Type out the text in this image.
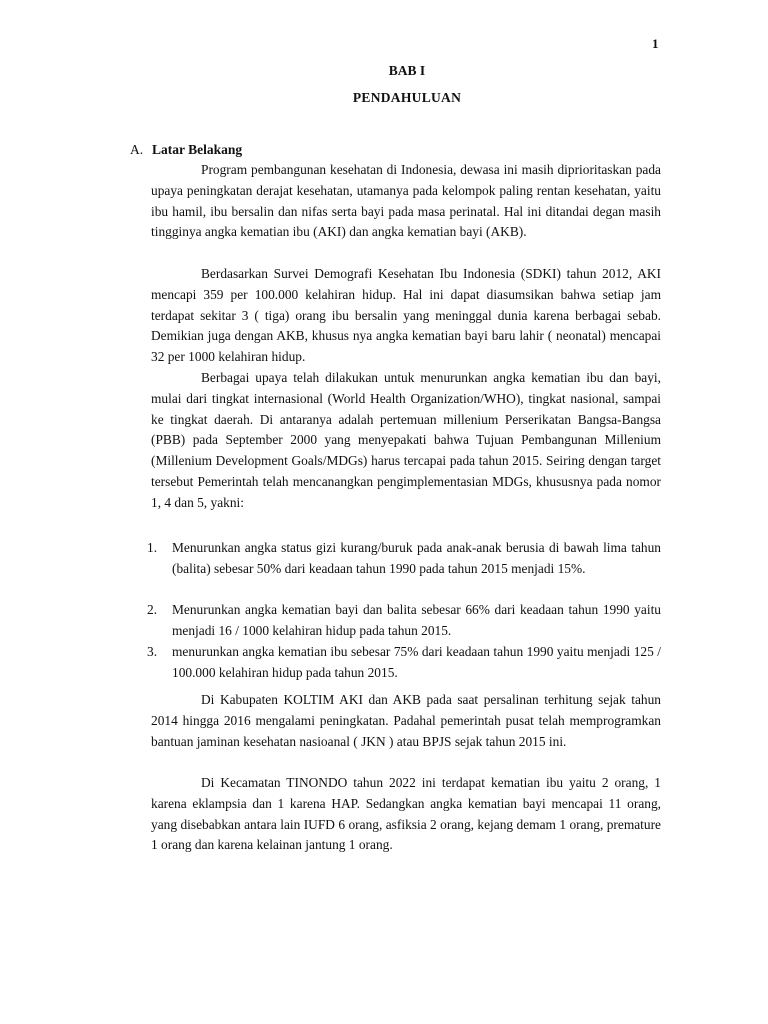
1
BAB I
PENDAHULUAN
A. Latar Belakang

Program pembangunan kesehatan di Indonesia, dewasa ini masih diprioritaskan pada upaya peningkatan derajat kesehatan, utamanya pada kelompok paling rentan kesehatan, yaitu ibu hamil, ibu bersalin dan nifas serta bayi pada masa perinatal. Hal ini ditandai degan masih tingginya angka kematian ibu (AKI) dan angka kematian bayi (AKB).

Berdasarkan Survei Demografi Kesehatan Ibu Indonesia (SDKI) tahun 2012, AKI mencapi 359 per 100.000 kelahiran hidup. Hal ini dapat diasumsikan bahwa setiap jam terdapat sekitar 3 ( tiga) orang ibu bersalin yang meninggal dunia karena berbagai sebab. Demikian juga dengan AKB, khusus nya angka kematian bayi baru lahir ( neonatal) mencapai 32 per 1000 kelahiran hidup.

Berbagai upaya telah dilakukan untuk menurunkan angka kematian ibu dan bayi, mulai dari tingkat internasional (World Health Organization/WHO), tingkat nasional, sampai ke tingkat daerah. Di antaranya adalah pertemuan millenium Perserikatan Bangsa-Bangsa (PBB) pada September 2000 yang menyepakati bahwa Tujuan Pembangunan Millenium (Millenium Development Goals/MDGs) harus tercapai pada tahun 2015. Seiring dengan target tersebut Pemerintah telah mencanangkan pengimplementasian MDGs, khususnya pada nomor 1, 4 dan 5, yakni:

1. Menurunkan angka status gizi kurang/buruk pada anak-anak berusia di bawah lima tahun (balita) sebesar 50% dari keadaan tahun 1990 pada tahun 2015 menjadi 15%.
2. Menurunkan angka kematian bayi dan balita sebesar 66% dari keadaan tahun 1990 yaitu menjadi 16 / 1000 kelahiran hidup pada tahun 2015.
3. menurunkan angka kematian ibu sebesar 75% dari keadaan tahun 1990 yaitu menjadi 125 / 100.000 kelahiran hidup pada tahun 2015.

Di Kabupaten KOLTIM AKI dan AKB pada saat persalinan terhitung sejak tahun 2014 hingga 2016 mengalami peningkatan. Padahal pemerintah pusat telah memprogramkan bantuan jaminan kesehatan nasioanal ( JKN ) atau BPJS sejak tahun 2015 ini.

Di Kecamatan TINONDO tahun 2022 ini terdapat kematian ibu yaitu 2 orang, 1 karena eklampsia dan 1 karena HAP. Sedangkan angka kematian bayi mencapai 11 orang, yang disebabkan antara lain IUFD 6 orang, asfiksia 2 orang, kejang demam 1 orang, premature 1 orang dan karena kelainan jantung 1 orang.
